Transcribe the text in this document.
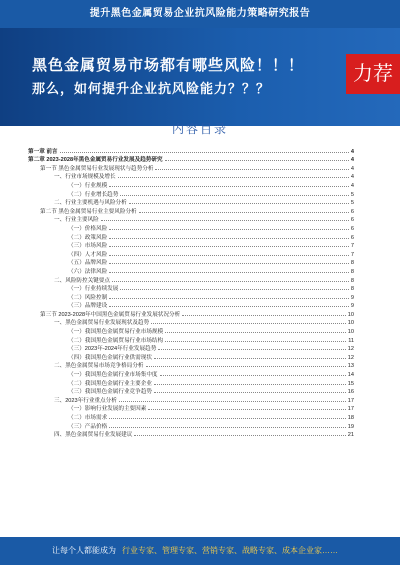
提升黑色金属贸易企业抗风险能力策略研究报告
黑色金属贸易市场都有哪些风险！！！
那么，如何提升企业抗风险能力？？？
力荐
内容目录
第一章 前言	4
第二章 2023-2028年黑色金属贸易行业发展及趋势研究	4
第一节 黑色金属贸易行业发展现状与趋势分析	4
一、行业市场规模及增长	4
（一）行业规模	4
（二）行业增长趋势	5
二、行业主要机遇与风险分析	5
第二节 黑色金属贸易行业主要风险分析	6
一、行业主要风险	6
（一）价格风险	6
（二）政策风险	6
（三）市场风险	7
（四）人才风险	7
（五）品牌风险	8
（六）法律风险	8
二、风险防控关键要点	8
（一）行业持续发展	8
（二）风险控制	9
（三）品牌建设	9
第三节 2023-2028年中国黑色金属贸易行业发展状况分析	10
一、黑色金属贸易行业发展现状及趋势	10
（一）我国黑色金属贸易行业市场规模	10
（二）我国黑色金属贸易行业市场结构	11
（三）2023年-2024年行业发展趋势	12
（四）我国黑色金属行业供需现状	12
二、黑色金属贸易市场竞争格局分析	13
（一）我国黑色金属行业市场集中度	14
（二）我国黑色金属行业主要企业	15
（三）我国黑色金属行业竞争趋势	16
三、2023年行业重点分析	17
（一）影响行业发展的主要因素	17
（二）市场需求	18
（三）产品价格	19
四、黑色金属贸易行业发展建议	21
让每个人都能成为 行业专家、管理专家、营销专家、战略专家、成本企业家……
